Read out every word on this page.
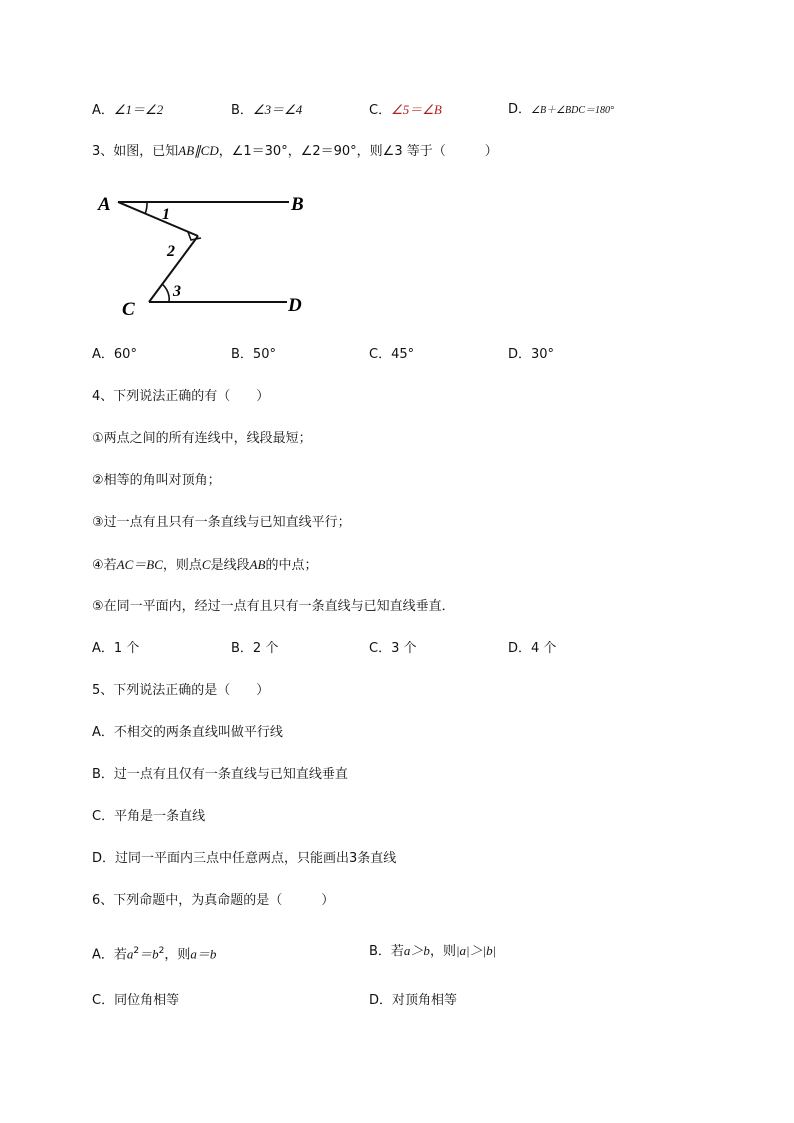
A．∠1＝∠2	B．∠3＝∠4	C．∠5＝∠B	D．∠B＋∠BDC＝180°
3、如图，已知AB∥CD，∠1＝30°，∠2＝90°，则∠3 等于（　　　）
A	B
C	D
1
2
3
A．60°	B．50°	C．45°	D．30°
4、下列说法正确的有（　　）
①两点之间的所有连线中，线段最短；
②相等的角叫对顶角；
③过一点有且只有一条直线与已知直线平行；
④若AC＝BC，则点C是线段AB的中点；
⑤在同一平面内，经过一点有且只有一条直线与已知直线垂直．
A．1 个	B．2 个	C．3 个	D．4 个
5、下列说法正确的是（　　）
A．不相交的两条直线叫做平行线
B．过一点有且仅有一条直线与已知直线垂直
C．平角是一条直线
D．过同一平面内三点中任意两点，只能画出3条直线
6、下列命题中，为真命题的是（　　　）
A．若$a^2=b^2$，则a＝b	B．若a＞b，则|a|＞|b|
C．同位角相等	D．对顶角相等
